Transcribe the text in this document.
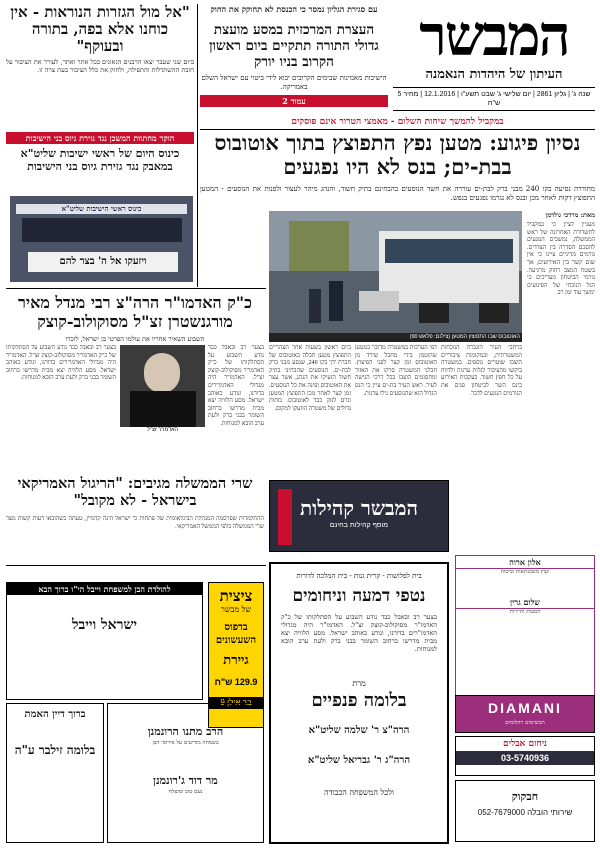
המבשר
העיתון של היהדות הנאמנה
שנה ג' | גליון 2861 | יום שלישי ג' שבט תשע"ו | 12.1.2016 | מחיר 5 ש"ח
עם סגירת הגליון נמסר כי הכנסת לא תחוקק את החוק
העצרת המרכזית במסע מועצת גדולי התורה תתקיים ביום ראשון הקרוב בניו יורק
הישיבות מאמינות שבימים הקרובים יבוא לידי ביטוי עם ישראל השלם באמריקה.
עמוד 2
"אל מול הגזרות הנוראות - אין כוחנו אלא בפה, בתורה ובעוקף"
ביום שני שעבר יצאו הרבנים הגאונים בכל אתר ואתר, לעורר את הציבור על חובת ההשתדלות והתפילה, ולחזק את כלל הציבור בעת צרה זו.
הוקר מחתוות המשכן נגד גזירת גיוס בני הישיבות
כינוס היום של ראשי ישיבות שליט"א במאבק נגד גזירת גיוס בני הישיבות
כינוס ראשי הישיבות שליט"א
ויזעקו אל ה' בצר להם
במקביל להמשך שיחות השלום - מאמצי הטרור אינם פוסקים
נסיון פיגוע: מטען נפץ התפוצץ בתוך אוטובוס בבת-ים; בנס לא היו נפגעים
מחודרה נסיעה בקו 240 מבני ברק לבת-ים עוררה את חשד הנוסעים בהבחינם בתיק חשוד, והנהג מיהר לעצור ולפנות את הנוסעים - המטען התפוצץ דקות לאחר מכן ובנס לא נגרמו נפגעים בנפש.
מאת: מרדכי גולדמן
האוטובוס שבו התפוצץ המטען (צילום: פלאש 90)
ביום ראשון בשעות אחר הצהריים התפוצץ מטען חבלה באוטובוס של חברת 'דן' בקו 240, שנסע מבני ברק לבת-ים. הנוסעים שהבחינו בתיק חשוד הזעיקו את הנהג, אשר עצר את האוטובוס ופינה את כל הנוסעים. זמן קצר לאחר מכן התפוצץ המטען וגרם לנזק כבד לאוטובוס. כוחות גדולים של משטרה הוזעקו למקום.
לפי הערכות במשטרה מדובר במטען שהוטמן בידי מחבל שירד מן האוטובוס זמן קצר לפני הפיצוץ. חבלני המשטרה סרקו את האזור ומחסומים הוצבו בכל דרכי הגישה לעיר. ראש העיר בת-ים ציין כי הנס הגדול הוא שהנוסעים גילו ערנות.
ברחבי העיר הוגברה הנוכחות המשטרתית, ובמקומות ציבוריים הוצבו שוטרים נוספים. במשטרה ביקשו מהציבור לגלות ערנות ולדווח על כל חפץ חשוד. בעקבות האירוע כינס השר לביטחון פנים את הגורמים הנוגעים לדבר.
מעניין לציין כי במקביל לתשדורת האחרונה של ראש הממשלה, נמשכים המגעים להסכם הסדרה בין הצדדים. גורמים מדיניים ציינו כי אין שום קשר בין האירועים, אך בשטח המצב רחוק מרגיעה. גורמי הביטחון מעריכים כי הגל הנוכחי של הפיגועים ימשך עוד זמן רב.
כ"ק האדמו"ר הרה"צ רבי מנדל מאיר מורגנשטרן זצ"ל מסוקולוב-קוצק
השבוע השאיר אחריו את עולמו הפרטי בן ישראל, לזכרו
האדמו"ר זצ"ל
בצער רב ובאבל כבד נודע השבוע על הסתלקותו של כ"ק האדמו"ר מסוקולוב-קוצק זצ"ל. האדמו"ר היה מגדולי האדמו"רים בדורנו, ונודע כאוהב ישראל. מסע הלוויה יצא מבית מדרשו ברחוב השומר בבני ברק ולעת ערב הובא למנוחות.
בצער רב ובאבל כבד נודע השבוע על הסתלקותו של כ"ק האדמו"ר מסוקולוב-קוצק זצ"ל. האדמו"ר היה מגדולי האדמו"רים בדורנו, ונודע כאוהב ישראל. מסע הלוויה יצא מבית מדרשו ברחוב השומר בבני ברק ולעת ערב הובא למנוחות.
שרי הממשלה מגיבים: "הריגול האמריקאי בישראל - לא מקובל"
ההתלמדות שפרסמה המנהלת הבינלאומית של פתחות כי ישראל הינה קדמיין, טעתה כשהובאו דעות קשות מצד שרי הממשלה כלפי הממשל האמריקאי.
המבשר קהילות
מוסף קהילות בחינם
אלון ארוה
יעוץ משכנתאות וביטוח
שלום גרין
הסעות ותיירות
DIAMANI
תכשיטים ויהלומים
ניחום אבלים
03-5740936
חבקוק
שירותי הובלה 052-7679000
בית לפלושות - קרית גנות - בית המלכה לדורות
נטפי דמעה וניחומים
בצער רב ובאבל כבד נודע השבוע על הסתלקותו של כ"ק האדמו"ר מסוקולוב-קוצק זצ"ל. האדמו"ר היה מגדולי האדמו"רים בדורנו, ונודע כאוהב ישראל. מסע הלוויה יצא מבית מדרשו ברחוב השומר בבני ברק ולעת ערב הובא למנוחות.
מרת
בלומה פנפיים
הרה"צ ר' שלמה שליט"א
הרה"ג ר' גבריאל שליט"א
ולכל המשפחה הכבודה
ציצית
של מבשר
בדפוס השעשונים
גיירת
129.9 ש"ח
בר אילן 9
להולדת הבן למשפחת וייבל הי"ו ברוך הבא
ישראל וייבל
ברוך דיין האמת
בלומה זילבר ע"ה
הרב מתנו הרונמנן
בשמחה מודיעים על אירוסי הבן
מר דוד ג'רונמנן
נעם טוב ומוצלח
